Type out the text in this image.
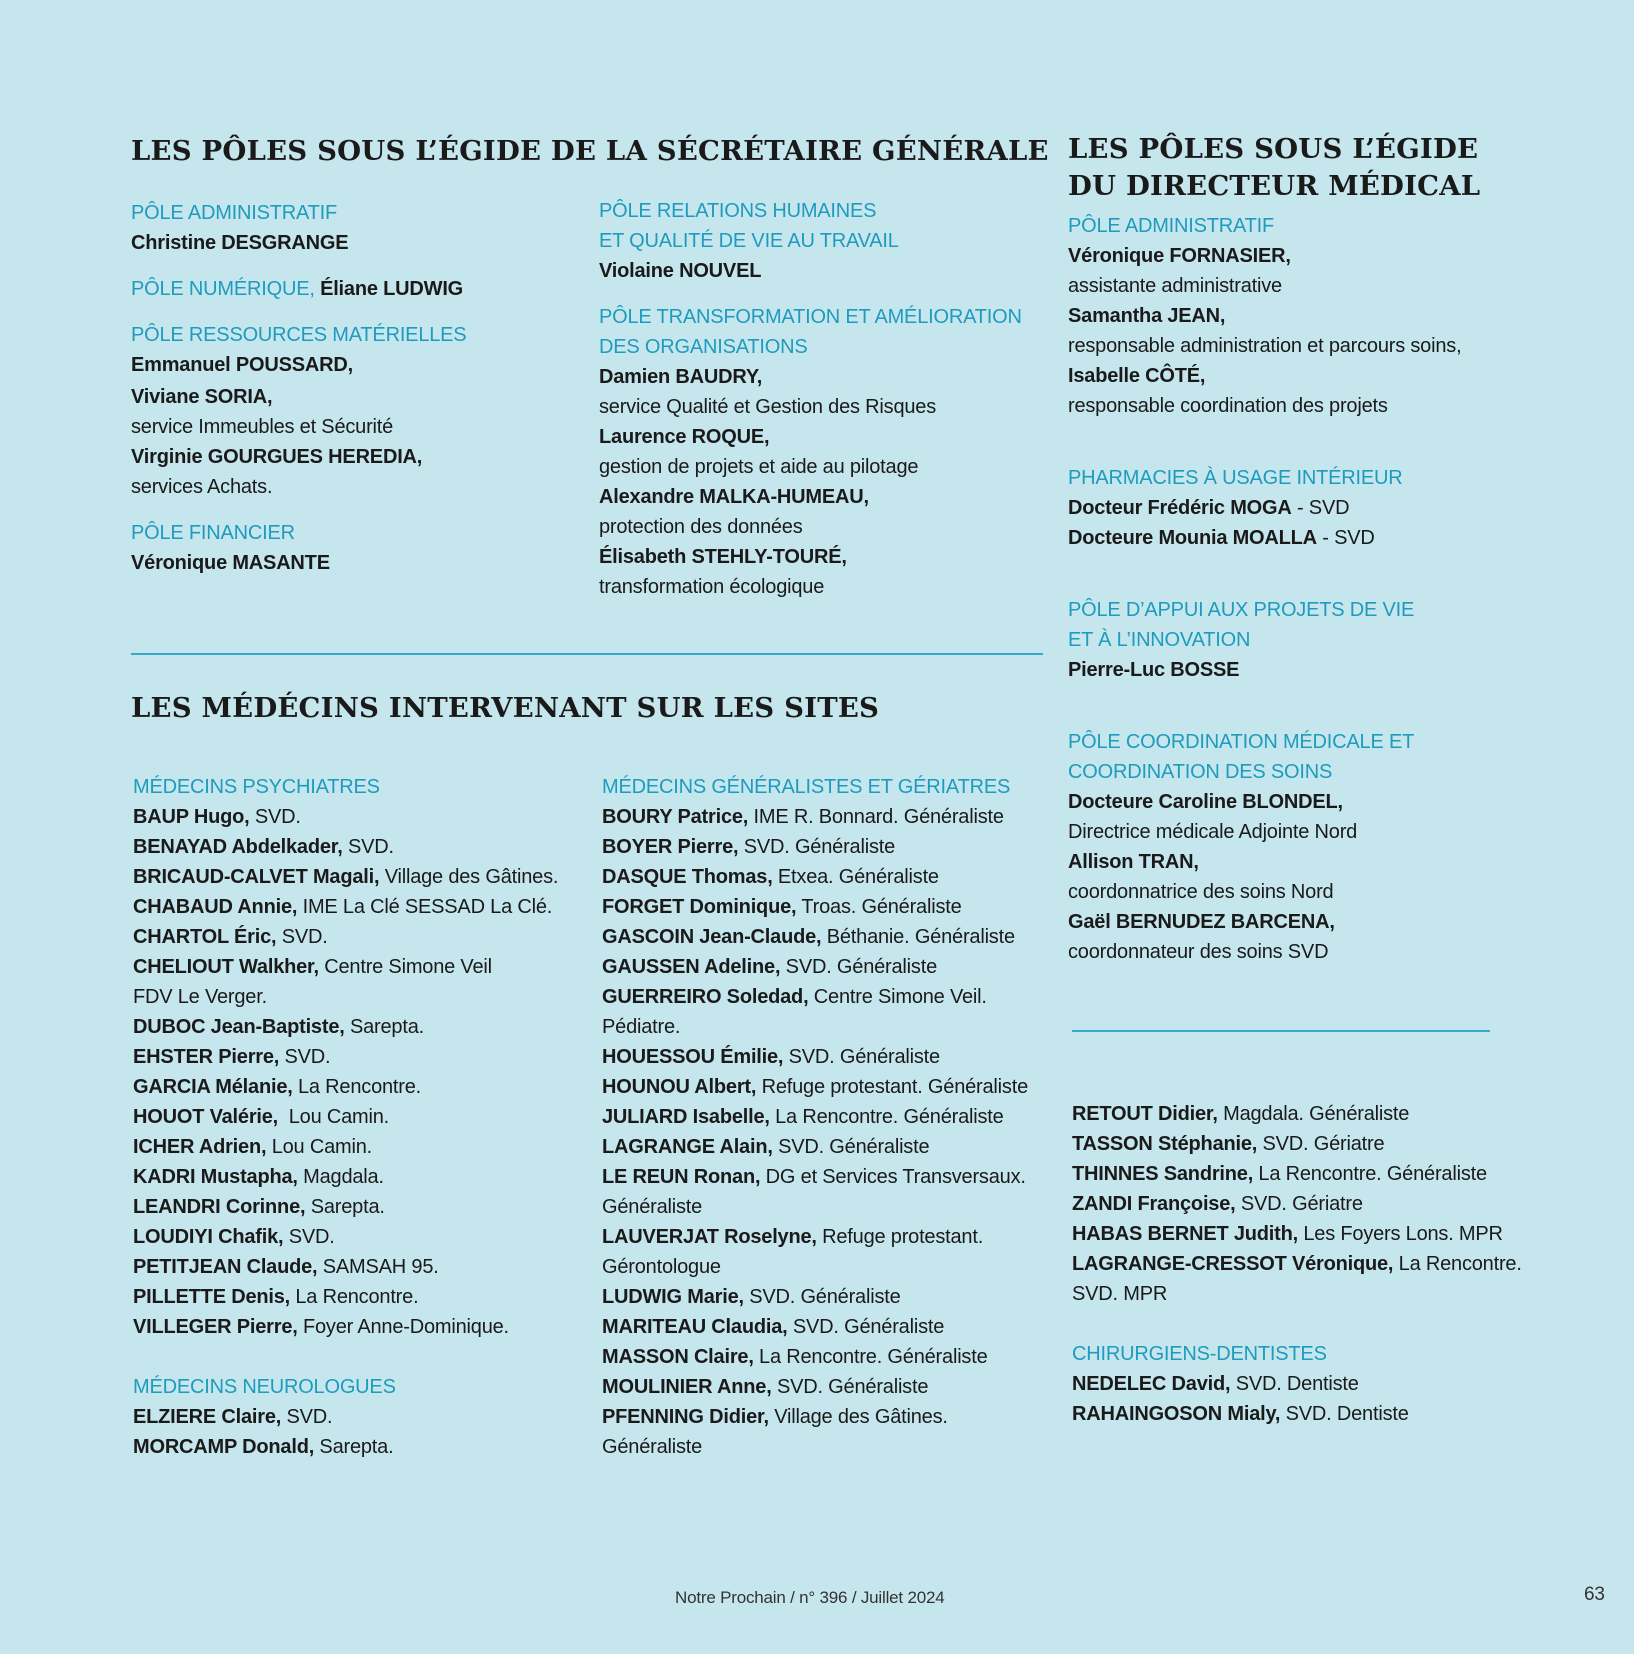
LES PÔLES SOUS L’ÉGIDE DE LA SÉCRÉTAIRE GÉNÉRALE
PÔLE ADMINISTRATIF
Christine DESGRANGE
PÔLE NUMÉRIQUE, Éliane LUDWIG
PÔLE RESSOURCES MATÉRIELLES
Emmanuel POUSSARD,
Viviane SORIA,
service Immeubles et Sécurité
Virginie GOURGUES HEREDIA,
services Achats.
PÔLE FINANCIER
Véronique MASANTE
PÔLE RELATIONS HUMAINES
ET QUALITÉ DE VIE AU TRAVAIL
Violaine NOUVEL
PÔLE TRANSFORMATION ET AMÉLIORATION
DES ORGANISATIONS
Damien BAUDRY,
service Qualité et Gestion des Risques
Laurence ROQUE,
gestion de projets et aide au pilotage
Alexandre MALKA-HUMEAU,
protection des données
Élisabeth STEHLY-TOURÉ,
transformation écologique
LES PÔLES SOUS L’ÉGIDE
DU DIRECTEUR MÉDICAL
PÔLE ADMINISTRATIF
Véronique FORNASIER,
assistante administrative
Samantha JEAN,
responsable administration et parcours soins,
Isabelle CÔTÉ,
responsable coordination des projets
PHARMACIES À USAGE INTÉRIEUR
Docteur Frédéric MOGA - SVD
Docteure Mounia MOALLA - SVD
PÔLE D’APPUI AUX PROJETS DE VIE
ET À L’INNOVATION
Pierre-Luc BOSSE
PÔLE COORDINATION MÉDICALE ET
COORDINATION DES SOINS
Docteure Caroline BLONDEL,
Directrice médicale Adjointe Nord
Allison TRAN,
coordonnatrice des soins Nord
Gaël BERNUDEZ BARCENA,
coordonnateur des soins SVD
LES MÉDÉCINS INTERVENANT SUR LES SITES
MÉDECINS PSYCHIATRES
BAUP Hugo, SVD.
BENAYAD Abdelkader, SVD.
BRICAUD-CALVET Magali, Village des Gâtines.
CHABAUD Annie, IME La Clé SESSAD La Clé.
CHARTOL Éric, SVD.
CHELIOUT Walkher, Centre Simone Veil
FDV Le Verger.
DUBOC Jean-Baptiste, Sarepta.
EHSTER Pierre, SVD.
GARCIA Mélanie, La Rencontre.
HOUOT Valérie,  Lou Camin.
ICHER Adrien, Lou Camin.
KADRI Mustapha, Magdala.
LEANDRI Corinne, Sarepta.
LOUDIYI Chafik, SVD.
PETITJEAN Claude, SAMSAH 95.
PILLETTE Denis, La Rencontre.
VILLEGER Pierre, Foyer Anne-Dominique.
MÉDECINS NEUROLOGUES
ELZIERE Claire, SVD.
MORCAMP Donald, Sarepta.
MÉDECINS GÉNÉRALISTES ET GÉRIATRES
BOURY Patrice, IME R. Bonnard. Généraliste
BOYER Pierre, SVD. Généraliste
DASQUE Thomas, Etxea. Généraliste
FORGET Dominique, Troas. Généraliste
GASCOIN Jean-Claude, Béthanie. Généraliste
GAUSSEN Adeline, SVD. Généraliste
GUERREIRO Soledad, Centre Simone Veil.
Pédiatre.
HOUESSOU Émilie, SVD. Généraliste
HOUNOU Albert, Refuge protestant. Généraliste
JULIARD Isabelle, La Rencontre. Généraliste
LAGRANGE Alain, SVD. Généraliste
LE REUN Ronan, DG et Services Transversaux.
Généraliste
LAUVERJAT Roselyne, Refuge protestant.
Gérontologue
LUDWIG Marie, SVD. Généraliste
MARITEAU Claudia, SVD. Généraliste
MASSON Claire, La Rencontre. Généraliste
MOULINIER Anne, SVD. Généraliste
PFENNING Didier, Village des Gâtines.
Généraliste
RETOUT Didier, Magdala. Généraliste
TASSON Stéphanie, SVD. Gériatre
THINNES Sandrine, La Rencontre. Généraliste
ZANDI Françoise, SVD. Gériatre
HABAS BERNET Judith, Les Foyers Lons. MPR
LAGRANGE-CRESSOT Véronique, La Rencontre.
SVD. MPR
CHIRURGIENS-DENTISTES
NEDELEC David, SVD. Dentiste
RAHAINGOSON Mialy, SVD. Dentiste
Notre Prochain / n° 396 / Juillet 2024	63
